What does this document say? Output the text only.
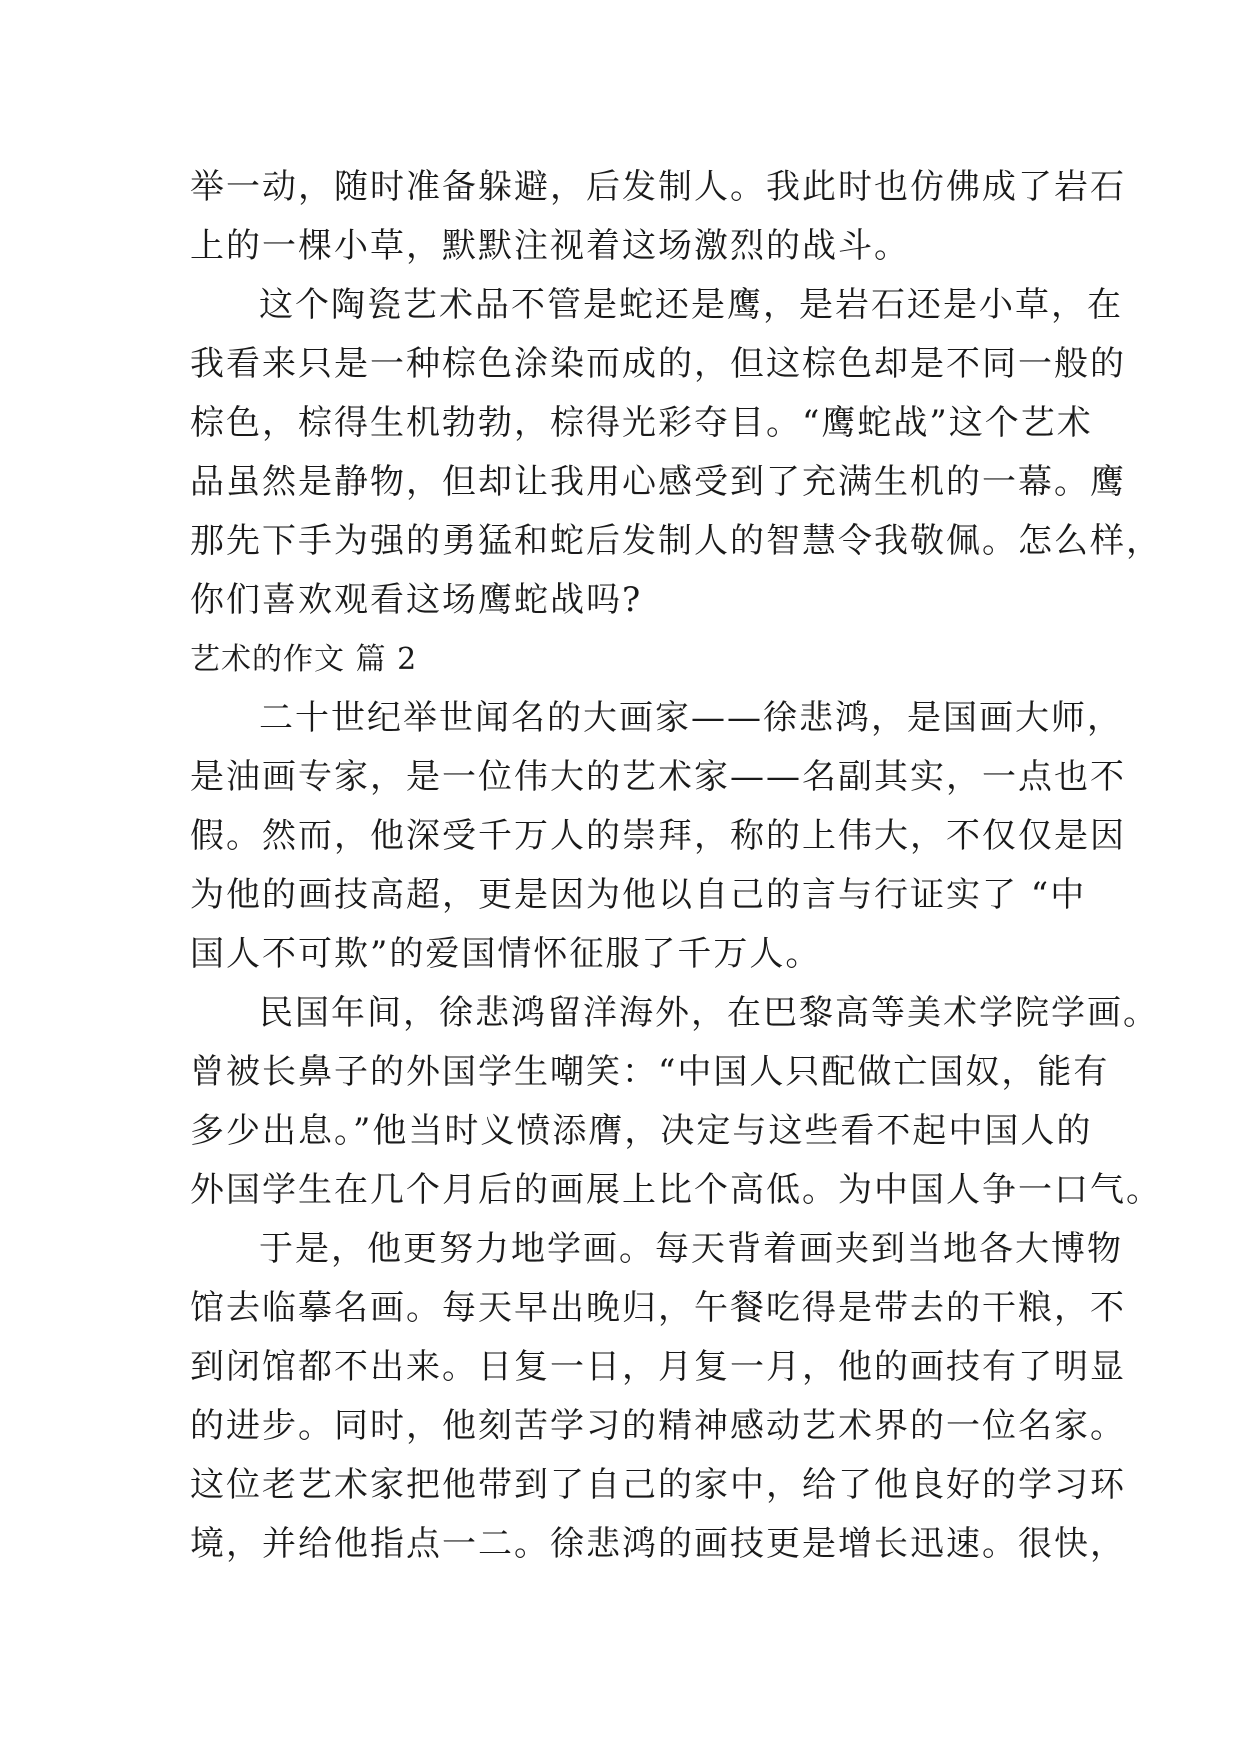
举一动，随时准备躲避，后发制人。我此时也仿佛成了岩石
上的一棵小草，默默注视着这场激烈的战斗。
这个陶瓷艺术品不管是蛇还是鹰，是岩石还是小草，在
我看来只是一种棕色涂染而成的，但这棕色却是不同一般的
棕色，棕得生机勃勃，棕得光彩夺目。“鹰蛇战”这个艺术
品虽然是静物，但却让我用心感受到了充满生机的一幕。鹰
那先下手为强的勇猛和蛇后发制人的智慧令我敬佩。怎么样，
你们喜欢观看这场鹰蛇战吗?
艺术的作文 篇 2
二十世纪举世闻名的大画家——徐悲鸿，是国画大师，
是油画专家，是一位伟大的艺术家——名副其实，一点也不
假。然而，他深受千万人的崇拜，称的上伟大，不仅仅是因
为他的画技高超，更是因为他以自己的言与行证实了 “中
国人不可欺”的爱国情怀征服了千万人。
民国年间，徐悲鸿留洋海外，在巴黎高等美术学院学画。
曾被长鼻子的外国学生嘲笑：“中国人只配做亡国奴，能有
多少出息。”他当时义愤添膺，决定与这些看不起中国人的
外国学生在几个月后的画展上比个高低。为中国人争一口气。
于是，他更努力地学画。每天背着画夹到当地各大博物
馆去临摹名画。每天早出晚归，午餐吃得是带去的干粮，不
到闭馆都不出来。日复一日，月复一月，他的画技有了明显
的进步。同时，他刻苦学习的精神感动艺术界的一位名家。
这位老艺术家把他带到了自己的家中，给了他良好的学习环
境，并给他指点一二。徐悲鸿的画技更是增长迅速。很快，
